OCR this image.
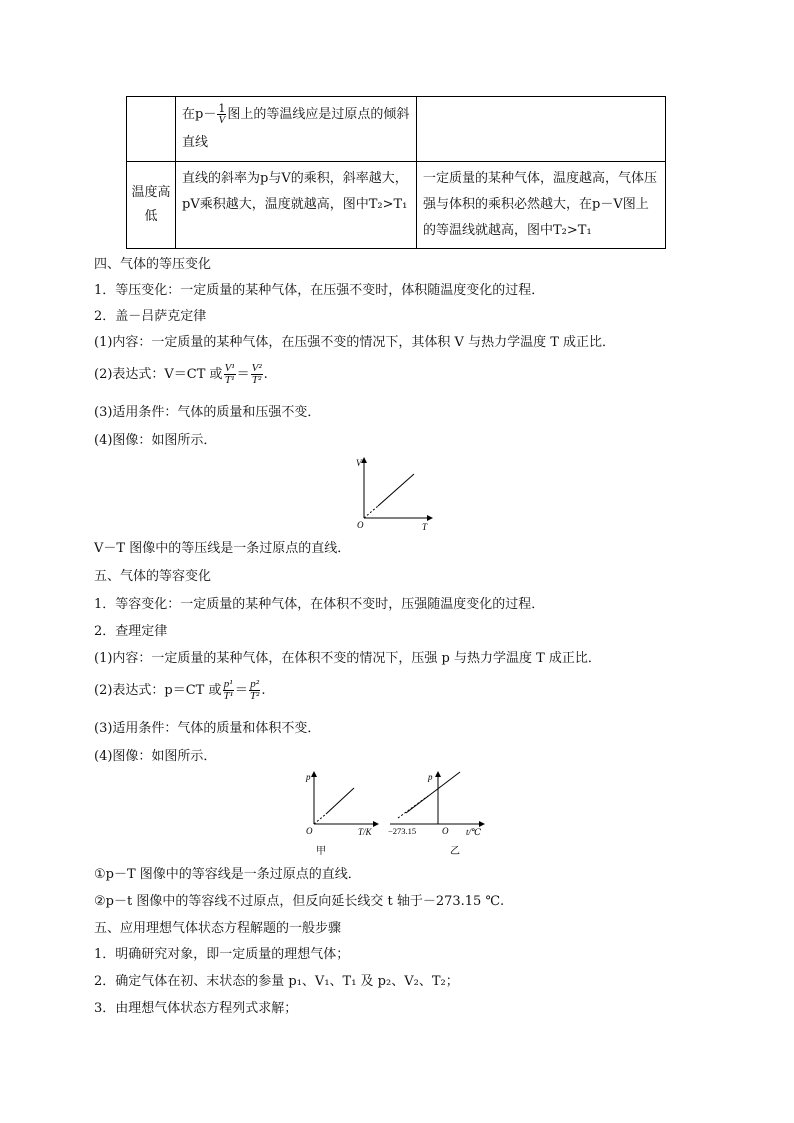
	在$p- \frac{1}{V}$ 图上的等温线应是过原点的倾斜直线	
温度高低	直线的斜率为p与V的乘积，斜率越大，pV乘积越大，温度就越高，图中T₂>T₁	一定质量的某种气体，温度越高，气体压强与体积的乘积必然越大，在p－V图上的等温线就越高，图中T₂>T₁
四、气体的等压变化
1．等压变化：一定质量的某种气体，在压强不变时，体积随温度变化的过程．
2．盖－吕萨克定律
(1)内容：一定质量的某种气体，在压强不变的情况下，其体积 V 与热力学温度 T 成正比．
(2)表达式：V＝CT 或 $\frac{\text{V¹}}{\text{T¹}} = \frac{\text{V²}}{\text{T²}}$ .
(3)适用条件：气体的质量和压强不变．
(4)图像：如图所示．
V
T
O
V－T 图像中的等压线是一条过原点的直线．
五、气体的等容变化
1．等容变化：一定质量的某种气体，在体积不变时，压强随温度变化的过程．
2．查理定律
(1)内容：一定质量的某种气体，在体积不变的情况下，压强 p 与热力学温度 T 成正比．
(2)表达式：p＝CT 或 $\frac{\text{p¹}}{\text{T¹}} = \frac{\text{p²}}{\text{T²}}$ .
(3)适用条件：气体的质量和体积不变．
(4)图像：如图所示．
p
T/K
O
甲
p
t/℃
O
−273.15
乙
①p－T 图像中的等容线是一条过原点的直线．
②p－t 图像中的等容线不过原点，但反向延长线交 t 轴于－273.15 ℃.
五、应用理想气体状态方程解题的一般步骤
1．明确研究对象，即一定质量的理想气体；
2．确定气体在初、末状态的参量 p₁、V₁、T₁ 及 p₂、V₂、T₂；
3．由理想气体状态方程列式求解；
